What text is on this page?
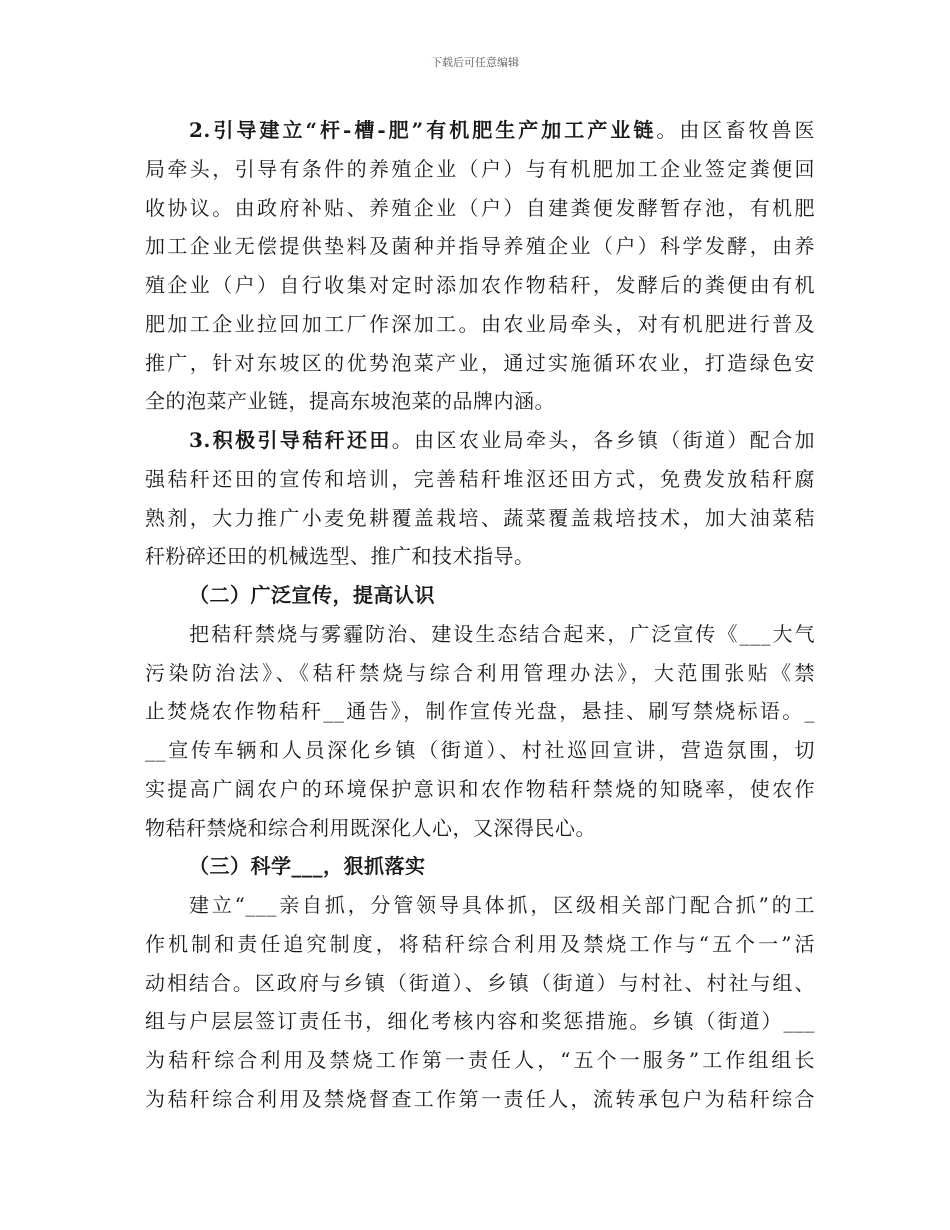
下载后可任意编辑
2.引导建立“杆-槽-肥”有机肥生产加工产业链。由区畜牧兽医
局牵头，引导有条件的养殖企业（户）与有机肥加工企业签定粪便回
收协议。由政府补贴、养殖企业（户）自建粪便发酵暂存池，有机肥
加工企业无偿提供垫料及菌种并指导养殖企业（户）科学发酵，由养
殖企业（户）自行收集对定时添加农作物秸秆，发酵后的粪便由有机
肥加工企业拉回加工厂作深加工。由农业局牵头，对有机肥进行普及
推广，针对东坡区的优势泡菜产业，通过实施循环农业，打造绿色安
全的泡菜产业链，提高东坡泡菜的品牌内涵。
3.积极引导秸秆还田。由区农业局牵头，各乡镇（街道）配合加
强秸秆还田的宣传和培训，完善秸秆堆沤还田方式，免费发放秸秆腐
熟剂，大力推广小麦免耕覆盖栽培、蔬菜覆盖栽培技术，加大油菜秸
秆粉碎还田的机械选型、推广和技术指导。
（二）广泛宣传，提高认识
把秸秆禁烧与雾霾防治、建设生态结合起来，广泛宣传《___大气
污染防治法》、《秸秆禁烧与综合利用管理办法》，大范围张贴《禁
止焚烧农作物秸秆__通告》，制作宣传光盘，悬挂、刷写禁烧标语。_
__宣传车辆和人员深化乡镇（街道）、村社巡回宣讲，营造氛围，切
实提高广阔农户的环境保护意识和农作物秸秆禁烧的知晓率，使农作
物秸秆禁烧和综合利用既深化人心，又深得民心。
（三）科学___，狠抓落实
建立“___亲自抓，分管领导具体抓，区级相关部门配合抓”的工
作机制和责任追究制度，将秸秆综合利用及禁烧工作与“五个一”活
动相结合。区政府与乡镇（街道）、乡镇（街道）与村社、村社与组、
组与户层层签订责任书，细化考核内容和奖惩措施。乡镇（街道）___
为秸秆综合利用及禁烧工作第一责任人，“五个一服务”工作组组长
为秸秆综合利用及禁烧督查工作第一责任人，流转承包户为秸秆综合
